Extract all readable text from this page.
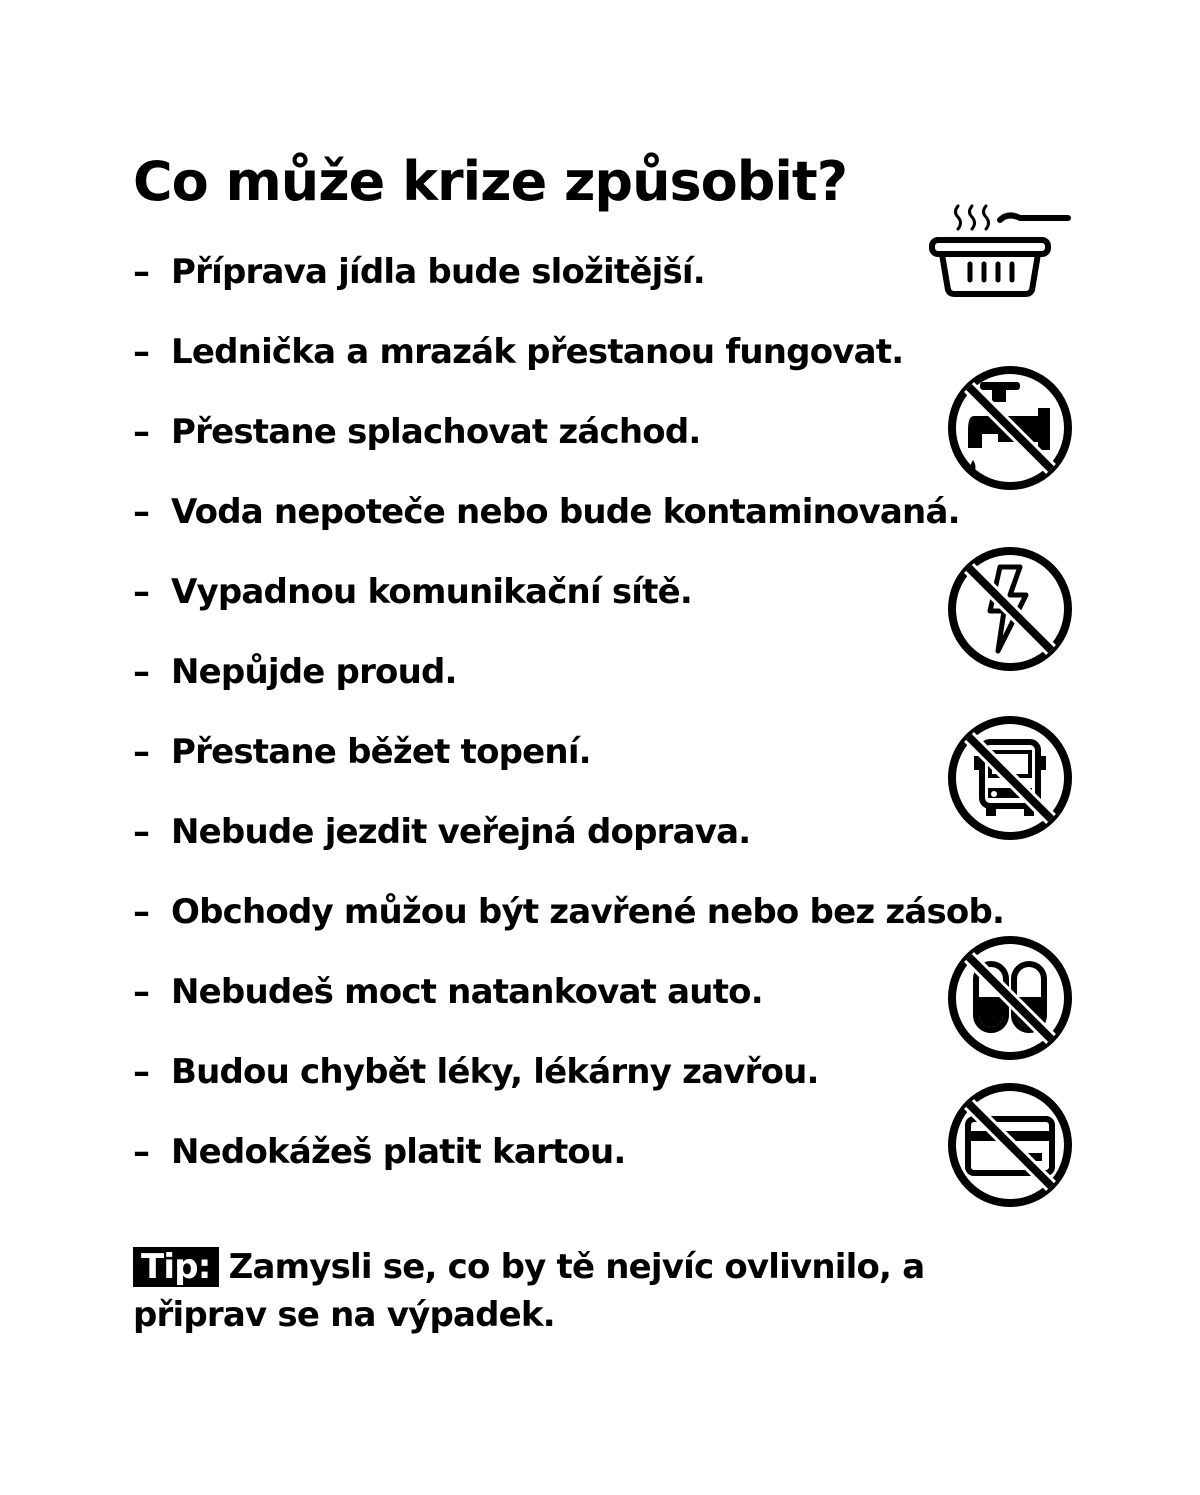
Co může krize způsobit?
– Příprava jídla bude složitější.
– Lednička a mrazák přestanou fungovat.
– Přestane splachovat záchod.
– Voda nepoteče nebo bude kontaminovaná.
– Vypadnou komunikační sítě.
– Nepůjde proud.
– Přestane běžet topení.
– Nebude jezdit veřejná doprava.
– Obchody můžou být zavřené nebo bez zásob.
– Nebudeš moct natankovat auto.
– Budou chybět léky, lékárny zavřou.
– Nedokážeš platit kartou.

Tip: Zamysli se, co by tě nejvíc ovlivnilo, a připrav se na výpadek.
